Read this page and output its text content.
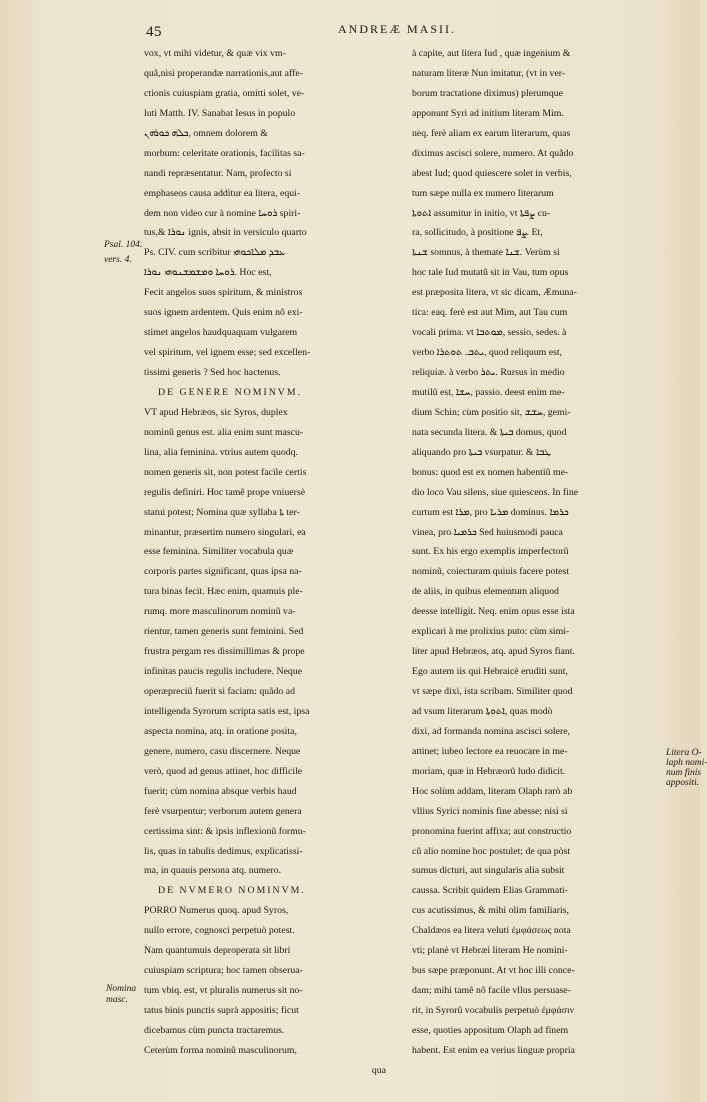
45	ANDREÆ MASII.
vox, vt mihi videtur, & quæ vix vm-
quã,nisi properandæ narrationis,aut affe-
ctionis cuiuspiam gratia, omitti solet, ve-
luti Matth. IV. Sanabat Iesus in populo
ܟܠܗ ܟܘܪܗܢ, omnem dolorem &
morbum: celeritate orationis, facilitas sa-
nandi repræsentatur. Nam, profecto si
emphaseos causa additur ea litera, equi-
dem non video cur à nomine ܪܘܚܐ spiri-
tus,& ܢܘܪܐ ignis, absit in versiculo quarto
Ps. CIV. cum scribitur ܥܒܕ ܡܠܐܟܘܗܝ
ܪܘܚܐ ܘܡܫܡܫܢܘܗܝ ܢܘܪܐ. Hoc est,
Fecit angelos suos spiritum, & ministros
suos ignem ardentem. Quis enim nõ exi-
stimet angelos haudquaquam vulgarem
vel spiritum, vel ignem esse; sed excellen-
tissimi generis ? Sed hoc hactenus.
DE GENERE NOMINVM.
VT apud Hebræos, sic Syros, duplex
nominũ genus est. alia enim sunt mascu-
lina, alia feminina. vtrius autem quodq.
nomen generis sit, non potest facile certis
regulis definiri. Hoc tamẽ prope vniuersè
statui potest; Nomina quæ syllaba ܬܐ ter-
minantur, præsertim numero singulari, ea
esse feminina. Similiter vocabula quæ
corporis partes significant, quas ipsa na-
tura binas fecit. Hæc enim, quamuis ple-
rumq. more masculinorum nominũ va-
rientur, tamen generis sunt feminini. Sed
frustra pergam res dissimillimas & prope
infinitas paucis regulis includere. Neque
operæpreciũ fuerit si faciam: quãdo ad
intelligenda Syrorum scripta satis est, ipsa
aspecta nomina, atq. in oratione posita,
genere, numero, casu discernere. Neque
verò, quod ad genus attinet, hoc difficile
fuerit; cùm nomina absque verbis haud
ferè vsurpentur; verborum autem genera
certissima sint: & ipsis inflexionũ formu-
lis, quas in tabulis dedimus, explicatissi-
ma, in quauis persona atq. numero.
DE NVMERO NOMINVM.
PORRO Numerus quoq. apud Syros,
nullo errore, cognosci perpetuò potest.
Nam quantumuis deproperata sit libri
cuiuspiam scriptura; hoc tamen obserua-
tum vbiq. est, vt pluralis numerus sit no-
tatus binis punctis suprà appositis; ficut
dicebamus cùm puncta tractaremus.
Ceterùm forma nominũ masculinorum,
qua
à capite, aut litera Iud , quæ ingenium &
naturam literæ Nun imitatur, (vt in ver-
borum tractatione diximus) plerumque
apponunt Syri ad initium literam Mim.
neq. ferè aliam ex earum literarum, quas
diximus ascisci solere, numero. At quãdo
abest Iud; quod quiescere solet in verbis,
tum sæpe nulla ex numero literarum
ܐܬܘܬܐ assumitur in initio, vt ܨܦܬܐ cu-
ra, sollicitudo, à positione ܨܦ. Et,
ܫܢܬܐ somnus, à themate ܫܢܐ. Verùm si
hoc tale Iud mutatũ sit in Vau, tum opus
est præposita litera, vt sic dicam, Æmuna-
tica: eaq. ferè est aut Mim, aut Tau cum
vocali prima. vt ܡܘܬܒܐ, sessio, sedes. à
verbo ܝܬܒ. ܬܘܬܪܐ, quod reliquum est,
reliquiæ. à verbo ܝܬܪ. Rursus in medio
mutilũ est, ܚܫܐ, passio. deest enim me-
dium Schin; cùm positio sit, ܚܫܫ, gemi-
nata secunda litera. & ܒܝܬܐ domus, quod
aliquando pro ܒܝܬܐ vsurpatur. & ܛܒܐ
bonus: quod est ex nomen habentiũ me-
dio loco Vau silens, siue quiescens. In fine
curtum est ܡܪܐ, pro ܡܪܝܐ dominus. ܟܪܡܐ
vinea, pro ܟܪܡܝܐ Sed huiusmodi pauca
sunt. Ex his ergo exemplis imperfectorũ
nominũ, coiecturam quiuis facere potest
de aliis, in quibus elementum aliquod
deesse intelligit. Neq. enim opus esse ista
explicari à me prolixius puto: cùm simi-
liter apud Hebræos, atq. apud Syros fiant.
Ego autem iis qui Hebraicè eruditi sunt,
vt sæpe dixi, ista scribam. Similiter quod
ad vsum literarum ܐܬܘܬܐ, quas modò
dixi, ad formanda nomina ascisci solere,
attinet; iubeo lectore ea reuocare in me-
moriam, quæ in Hebræorũ ludo didicit.
Hoc solùm addam, literam Olaph rarò ab
vllius Syrici nominis fine abesse; nisi si
pronomina fuerint affixa; aut constructio
cũ alio nomine hoc postulet; de qua pòst
sumus dicturi, aut singularis alia subsit
caussa. Scribit quidem Elias Grammati-
cus acutissimus, & mihi olim familiaris,
Chaldæos ea litera veluti ἐμφάσεως nota
vti; planè vt Hebræi literam He nomini-
bus sæpe præponunt. At vt hoc illi conce-
dam; mihi tamẽ nõ facile vllus persuase-
rit, in Syrorũ vocabulis perpetuò ἐμφάσιν
esse, quoties appositum Olaph ad finem
habent. Est enim ea verius linguæ propria
Psal. 104.
vers. 4.
Litera O-
laph nomi-
num finis
appositi.
Nomina
masc.
